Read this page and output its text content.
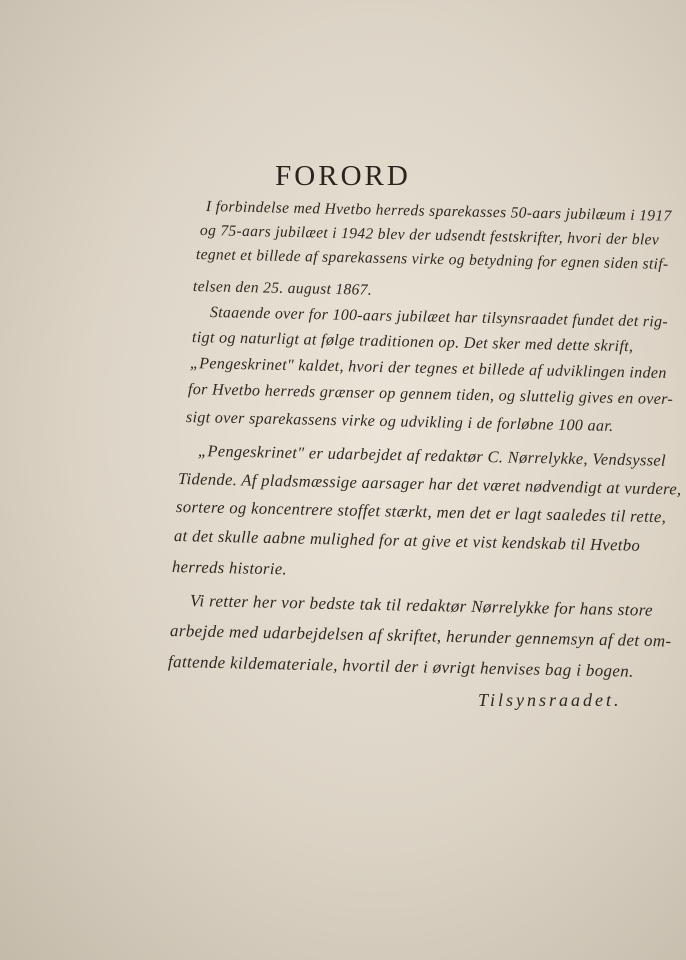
FORORD
I forbindelse med Hvetbo herreds sparekasses 50-aars jubilæum i 1917
og 75-aars jubilæet i 1942 blev der udsendt festskrifter, hvori der blev
tegnet et billede af sparekassens virke og betydning for egnen siden stif-
telsen den 25. august 1867.
Staaende over for 100-aars jubilæet har tilsynsraadet fundet det rig-
tigt og naturligt at følge traditionen op. Det sker med dette skrift,
„Pengeskrinet" kaldet, hvori der tegnes et billede af udviklingen inden
for Hvetbo herreds grænser op gennem tiden, og sluttelig gives en over-
sigt over sparekassens virke og udvikling i de forløbne 100 aar.
„Pengeskrinet" er udarbejdet af redaktør C. Nørrelykke, Vendsyssel
Tidende. Af pladsmæssige aarsager har det været nødvendigt at vurdere,
sortere og koncentrere stoffet stærkt, men det er lagt saaledes til rette,
at det skulle aabne mulighed for at give et vist kendskab til Hvetbo
herreds historie.
Vi retter her vor bedste tak til redaktør Nørrelykke for hans store
arbejde med udarbejdelsen af skriftet, herunder gennemsyn af det om-
fattende kildemateriale, hvortil der i øvrigt henvises bag i bogen.
Tilsynsraadet.
